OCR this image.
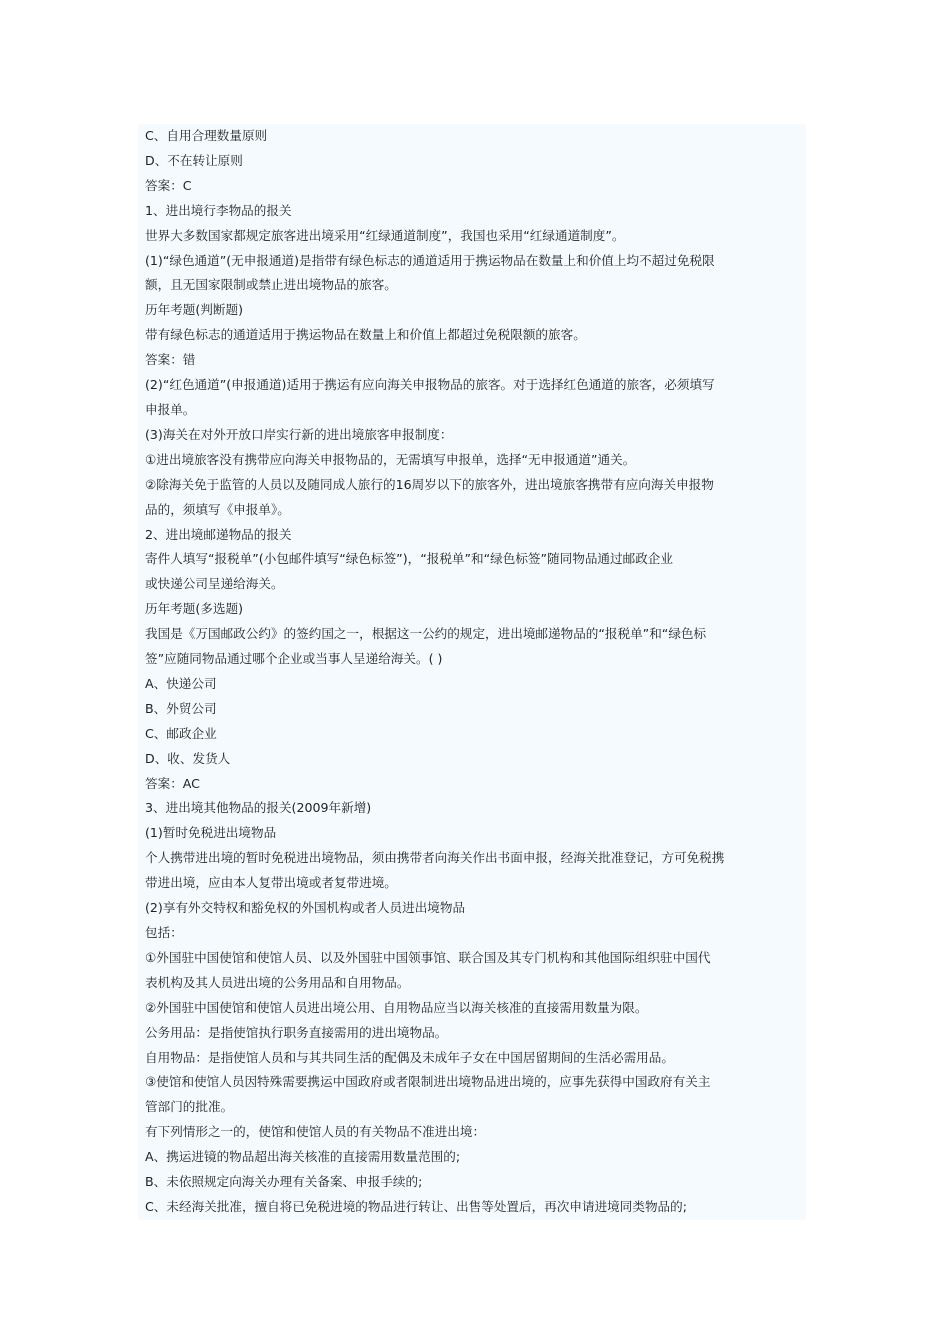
C、自用合理数量原则
D、不在转让原则
答案：C
1、进出境行李物品的报关
世界大多数国家都规定旅客进出境采用“红绿通道制度”，我国也采用“红绿通道制度”。
(1)“绿色通道”(无申报通道)是指带有绿色标志的通道适用于携运物品在数量上和价值上均不超过免税限
额，且无国家限制或禁止进出境物品的旅客。
历年考题(判断题)
带有绿色标志的通道适用于携运物品在数量上和价值上都超过免税限额的旅客。
答案：错
(2)“红色通道”(申报通道)适用于携运有应向海关申报物品的旅客。对于选择红色通道的旅客，必须填写
申报单。
(3)海关在对外开放口岸实行新的进出境旅客申报制度：
①进出境旅客没有携带应向海关申报物品的，无需填写申报单，选择“无申报通道”通关。
②除海关免于监管的人员以及随同成人旅行的16周岁以下的旅客外，进出境旅客携带有应向海关申报物
品的，须填写《申报单》。
2、进出境邮递物品的报关
寄件人填写“报税单”(小包邮件填写“绿色标签”)，“报税单”和“绿色标签”随同物品通过邮政企业
或快递公司呈递给海关。
历年考题(多选题)
我国是《万国邮政公约》的签约国之一，根据这一公约的规定，进出境邮递物品的“报税单”和“绿色标
签”应随同物品通过哪个企业或当事人呈递给海关。( )
A、快递公司
B、外贸公司
C、邮政企业
D、收、发货人
答案：AC
3、进出境其他物品的报关(2009年新增)
(1)暂时免税进出境物品
个人携带进出境的暂时免税进出境物品，须由携带者向海关作出书面申报，经海关批准登记，方可免税携
带进出境，应由本人复带出境或者复带进境。
(2)享有外交特权和豁免权的外国机构或者人员进出境物品
包括：
①外国驻中国使馆和使馆人员、以及外国驻中国领事馆、联合国及其专门机构和其他国际组织驻中国代
表机构及其人员进出境的公务用品和自用物品。
②外国驻中国使馆和使馆人员进出境公用、自用物品应当以海关核准的直接需用数量为限。
公务用品：是指使馆执行职务直接需用的进出境物品。
自用物品：是指使馆人员和与其共同生活的配偶及未成年子女在中国居留期间的生活必需用品。
③使馆和使馆人员因特殊需要携运中国政府或者限制进出境物品进出境的，应事先获得中国政府有关主
管部门的批准。
有下列情形之一的，使馆和使馆人员的有关物品不准进出境：
A、携运进镜的物品超出海关核准的直接需用数量范围的;
B、未依照规定向海关办理有关备案、申报手续的;
C、未经海关批准，擅自将已免税进境的物品进行转让、出售等处置后，再次申请进境同类物品的;
